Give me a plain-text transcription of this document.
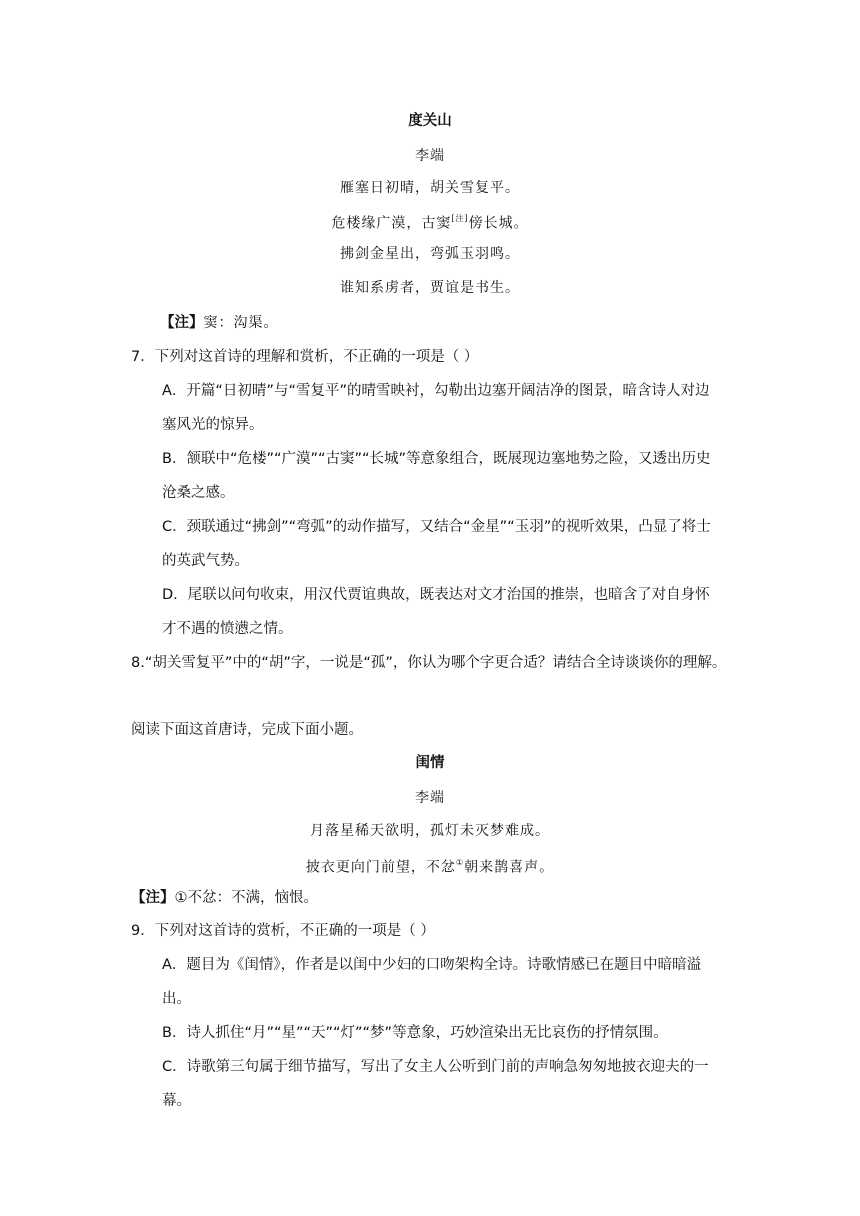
度关山
李端
雁塞日初晴，胡关雪复平。
危楼缘广漠，古窦[注]傍长城。
拂剑金星出，弯弧玉羽鸣。
谁知系虏者，贾谊是书生。
【注】窦：沟渠。
7．下列对这首诗的理解和赏析，不正确的一项是（ ）
A．开篇“日初晴”与“雪复平”的晴雪映衬，勾勒出边塞开阔洁净的图景，暗含诗人对边
塞风光的惊异。
B．颔联中“危楼”“广漠”“古窦”“长城”等意象组合，既展现边塞地势之险，又透出历史
沧桑之感。
C．颈联通过“拂剑”“弯弧”的动作描写，又结合“金星”“玉羽”的视听效果，凸显了将士
的英武气势。
D．尾联以问句收束，用汉代贾谊典故，既表达对文才治国的推崇，也暗含了对自身怀
才不遇的愤懑之情。
8.“胡关雪复平”中的“胡”字，一说是“孤”，你认为哪个字更合适？请结合全诗谈谈你的理解。
阅读下面这首唐诗，完成下面小题。
闺情
李端
月落星稀天欲明，孤灯未灭梦难成。
披衣更向门前望，不忿①朝来鹊喜声。
【注】①不忿：不满，恼恨。
9．下列对这首诗的赏析，不正确的一项是（ ）
A．题目为《闺情》，作者是以闺中少妇的口吻架构全诗。诗歌情感已在题目中暗暗溢
出。
B．诗人抓住“月”“星”“天”“灯”“梦”等意象，巧妙渲染出无比哀伤的抒情氛围。
C．诗歌第三句属于细节描写，写出了女主人公听到门前的声响急匆匆地披衣迎夫的一
幕。
